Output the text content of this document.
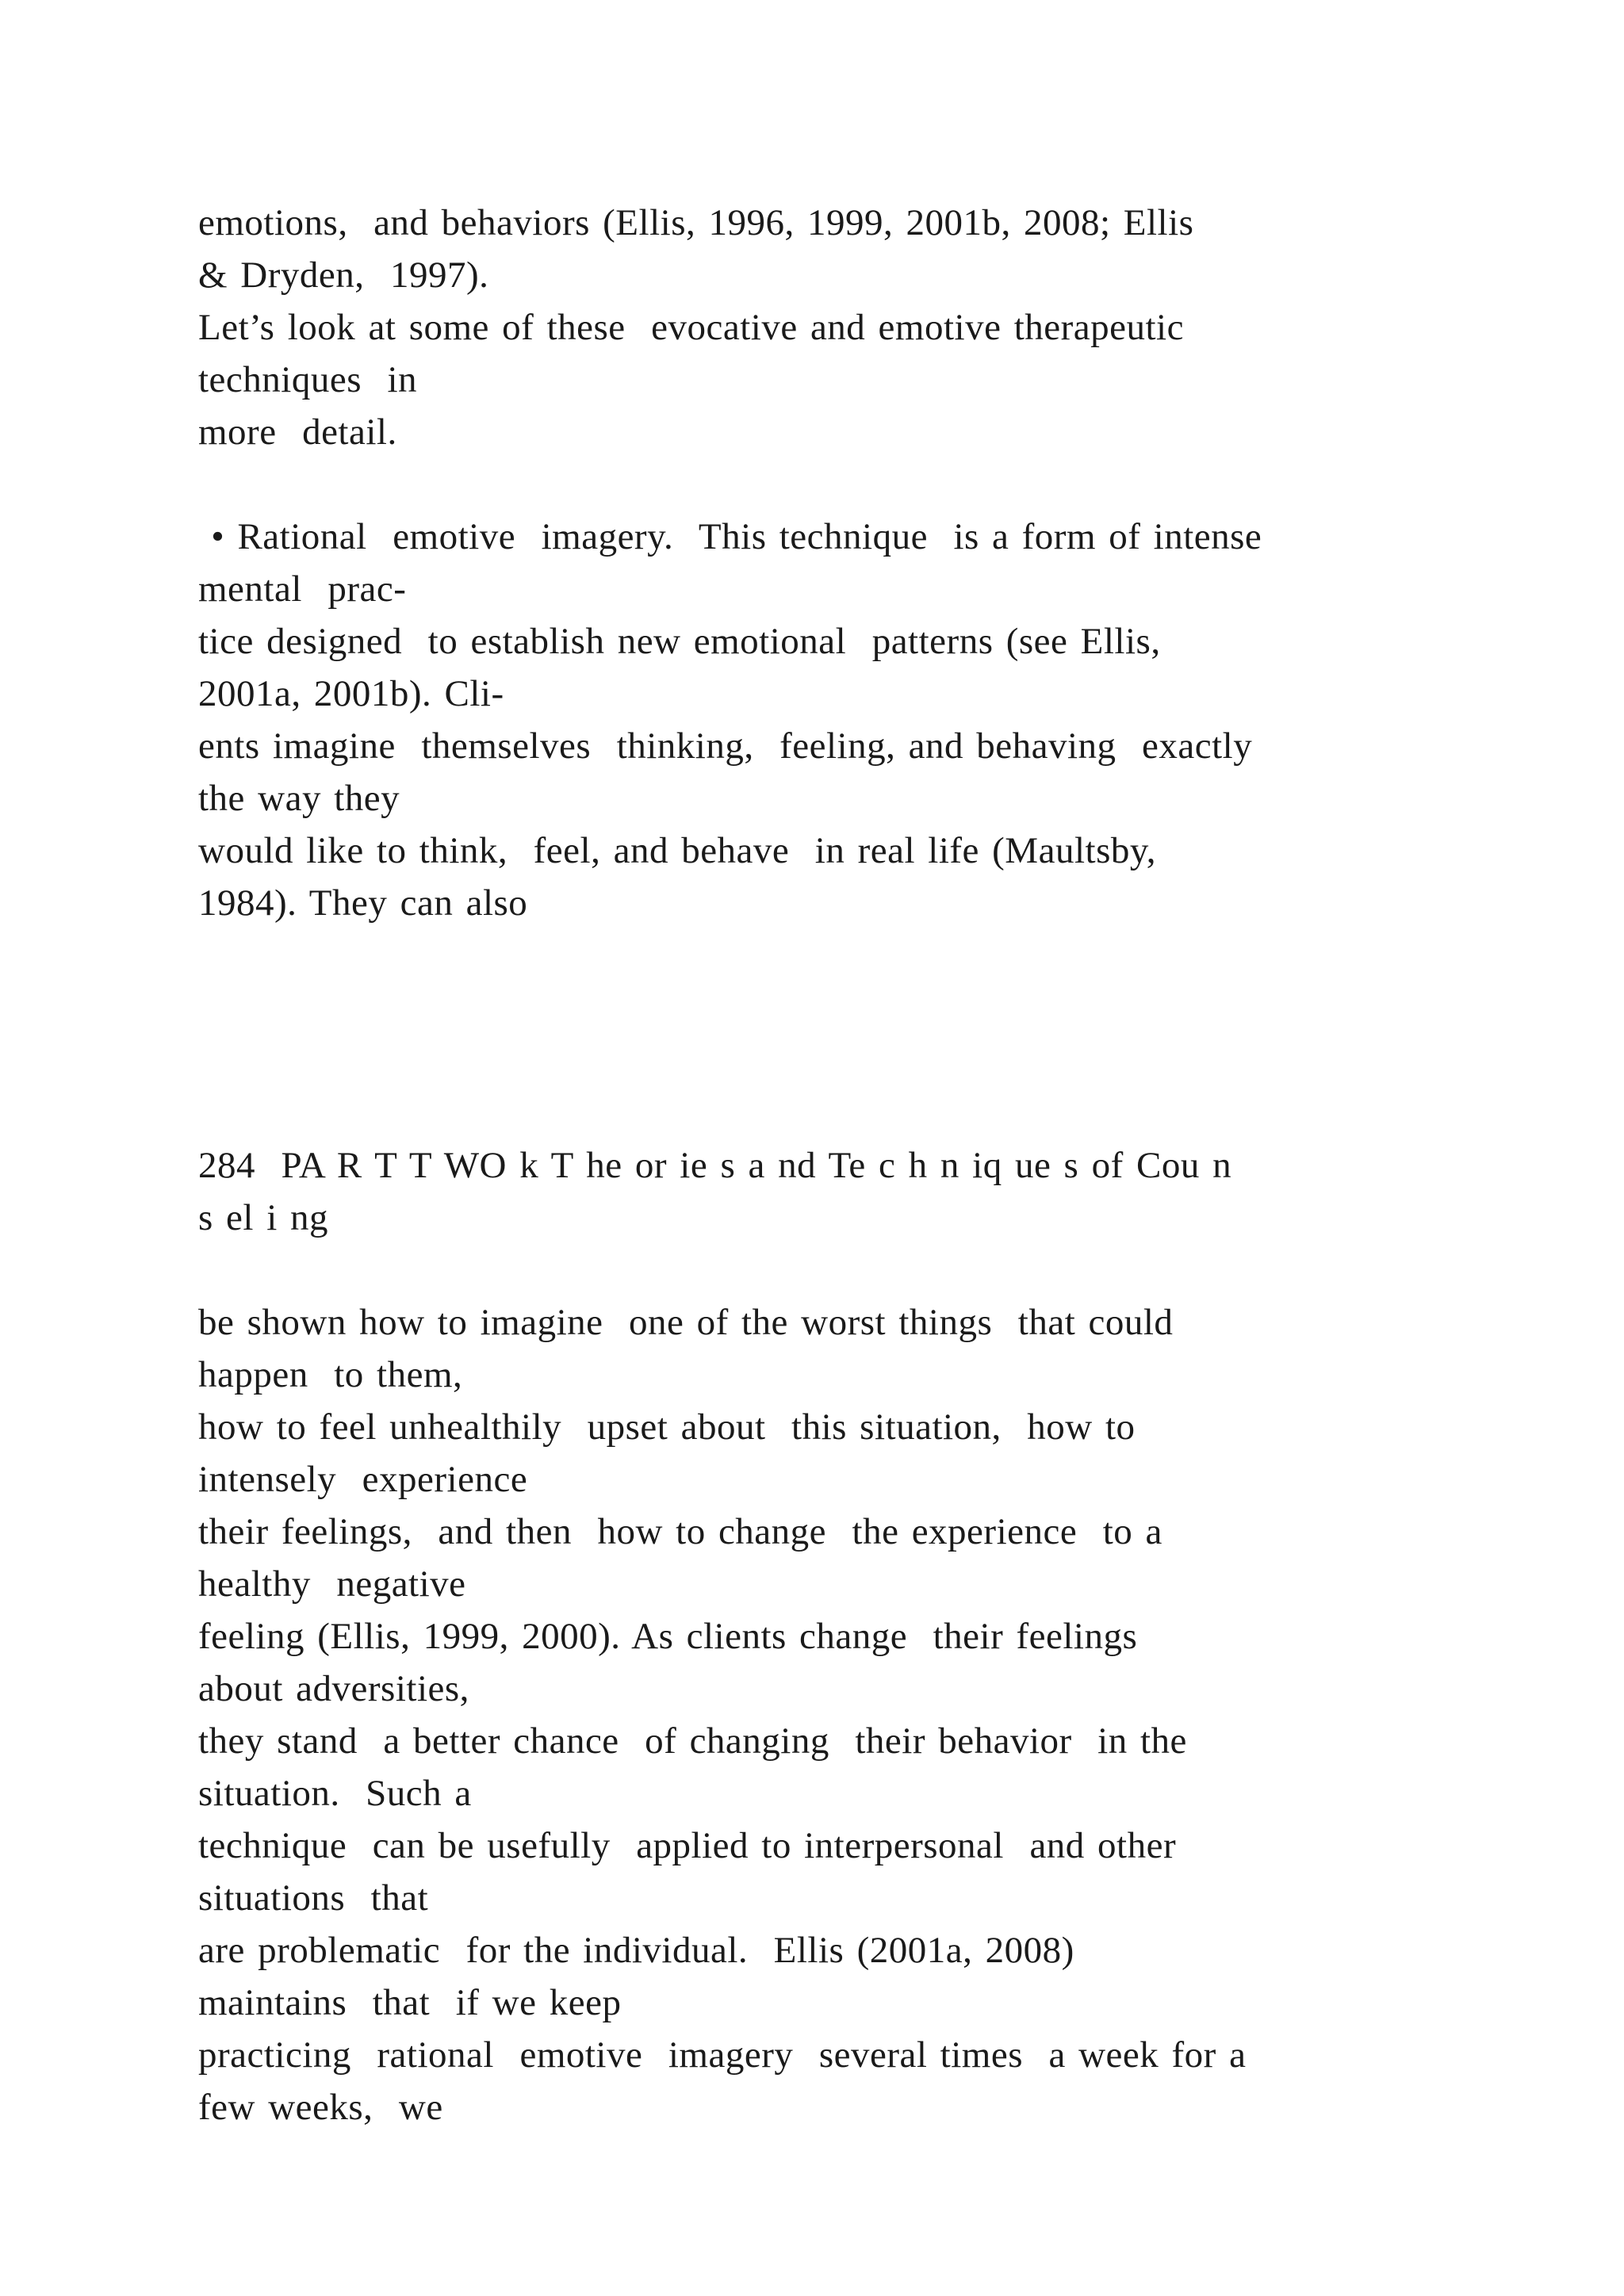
emotions,  and behaviors (Ellis, 1996, 1999, 2001b, 2008; Ellis
& Dryden,  1997).
Let’s look at some of these  evocative and emotive therapeutic
techniques  in
more  detail.
• Rational  emotive  imagery.  This technique  is a form of intense
mental  prac-
tice designed  to establish new emotional  patterns (see Ellis,
2001a, 2001b). Cli-
ents imagine  themselves  thinking,  feeling, and behaving  exactly
the way they
would like to think,  feel, and behave  in real life (Maultsby,
1984). They can also
284  PA R T T WO k T he or ie s a nd Te c h n iq ue s of Cou n
s el i ng
be shown how to imagine  one of the worst things  that could
happen  to them,
how to feel unhealthily  upset about  this situation,  how to
intensely  experience
their feelings,  and then  how to change  the experience  to a
healthy  negative
feeling (Ellis, 1999, 2000). As clients change  their feelings
about adversities,
they stand  a better chance  of changing  their behavior  in the
situation.  Such a
technique  can be usefully  applied to interpersonal  and other
situations  that
are problematic  for the individual.  Ellis (2001a, 2008)
maintains  that  if we keep
practicing  rational  emotive  imagery  several times  a week for a
few weeks,  we
